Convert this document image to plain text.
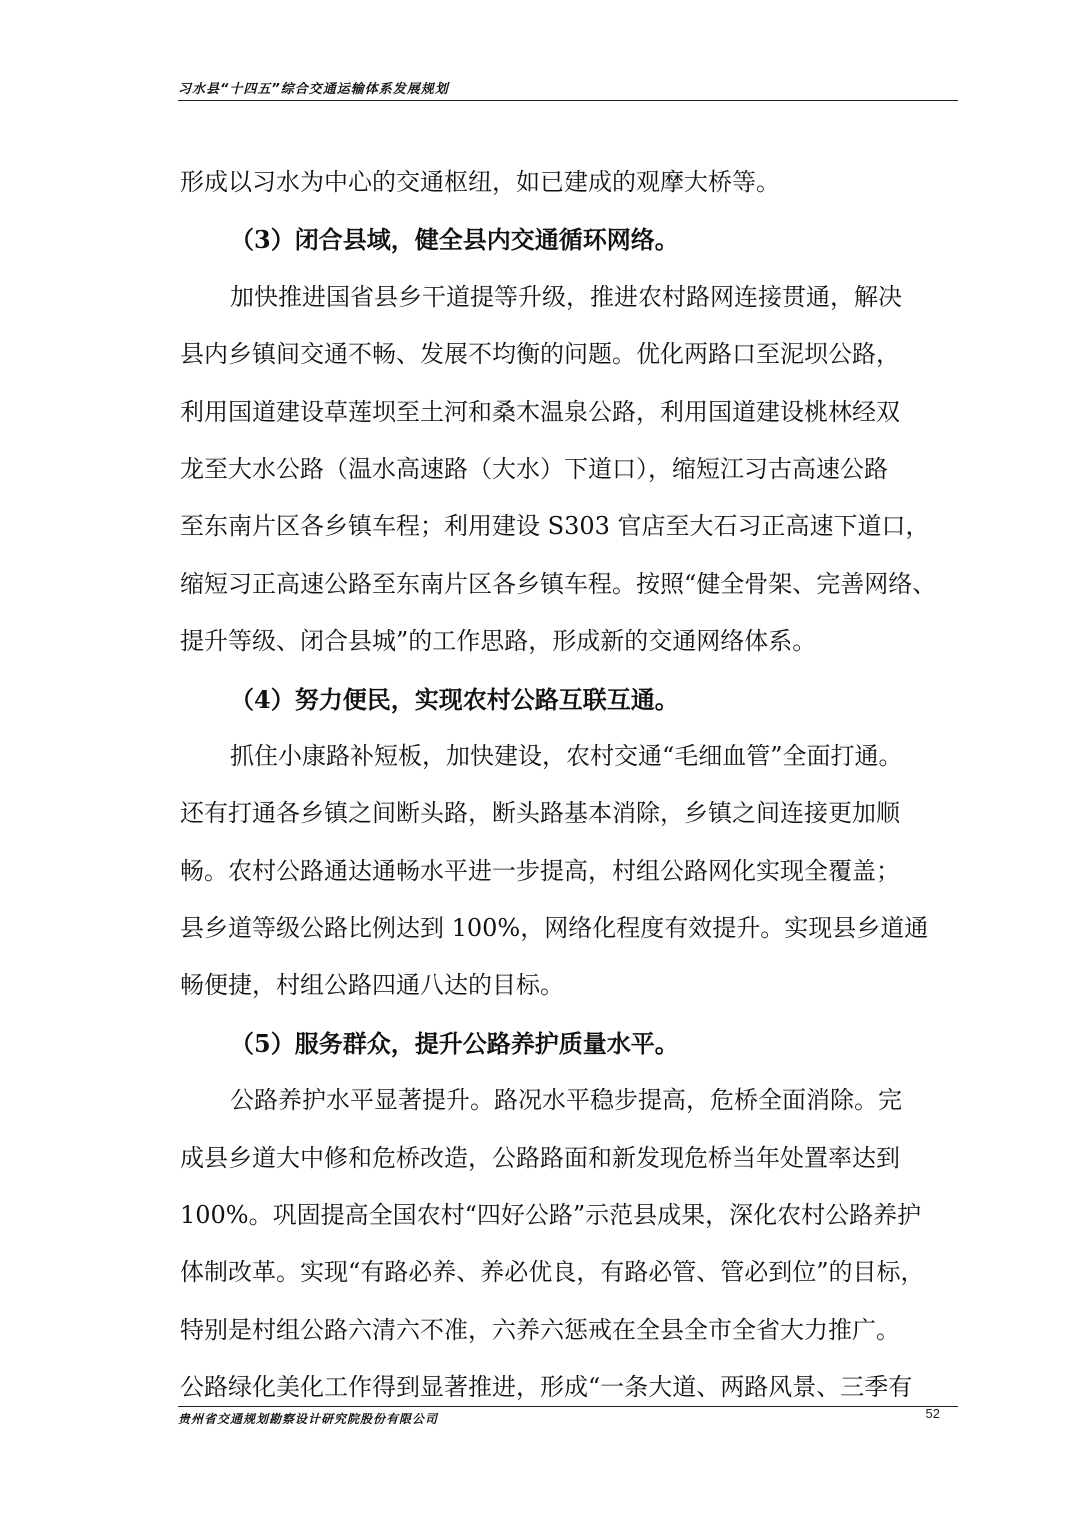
习水县“十四五”综合交通运输体系发展规划
形成以习水为中心的交通枢纽，如已建成的观摩大桥等。
（3）闭合县域，健全县内交通循环网络。
加快推进国省县乡干道提等升级，推进农村路网连接贯通，解决
县内乡镇间交通不畅、发展不均衡的问题。优化两路口至泥坝公路，
利用国道建设草莲坝至土河和桑木温泉公路，利用国道建设桃林经双
龙至大水公路（温水高速路（大水）下道口），缩短江习古高速公路
至东南片区各乡镇车程；利用建设 S303 官店至大石习正高速下道口，
缩短习正高速公路至东南片区各乡镇车程。按照“健全骨架、完善网络、
提升等级、闭合县城”的工作思路，形成新的交通网络体系。
（4）努力便民，实现农村公路互联互通。
抓住小康路补短板，加快建设，农村交通“毛细血管”全面打通。
还有打通各乡镇之间断头路，断头路基本消除，乡镇之间连接更加顺
畅。农村公路通达通畅水平进一步提高，村组公路网化实现全覆盖；
县乡道等级公路比例达到 100%，网络化程度有效提升。实现县乡道通
畅便捷，村组公路四通八达的目标。
（5）服务群众，提升公路养护质量水平。
公路养护水平显著提升。路况水平稳步提高，危桥全面消除。完
成县乡道大中修和危桥改造，公路路面和新发现危桥当年处置率达到
100%。巩固提高全国农村“四好公路”示范县成果，深化农村公路养护
体制改革。实现“有路必养、养必优良，有路必管、管必到位”的目标，
特别是村组公路六清六不准，六养六惩戒在全县全市全省大力推广。
公路绿化美化工作得到显著推进，形成“一条大道、两路风景、三季有
贵州省交通规划勘察设计研究院股份有限公司	52
